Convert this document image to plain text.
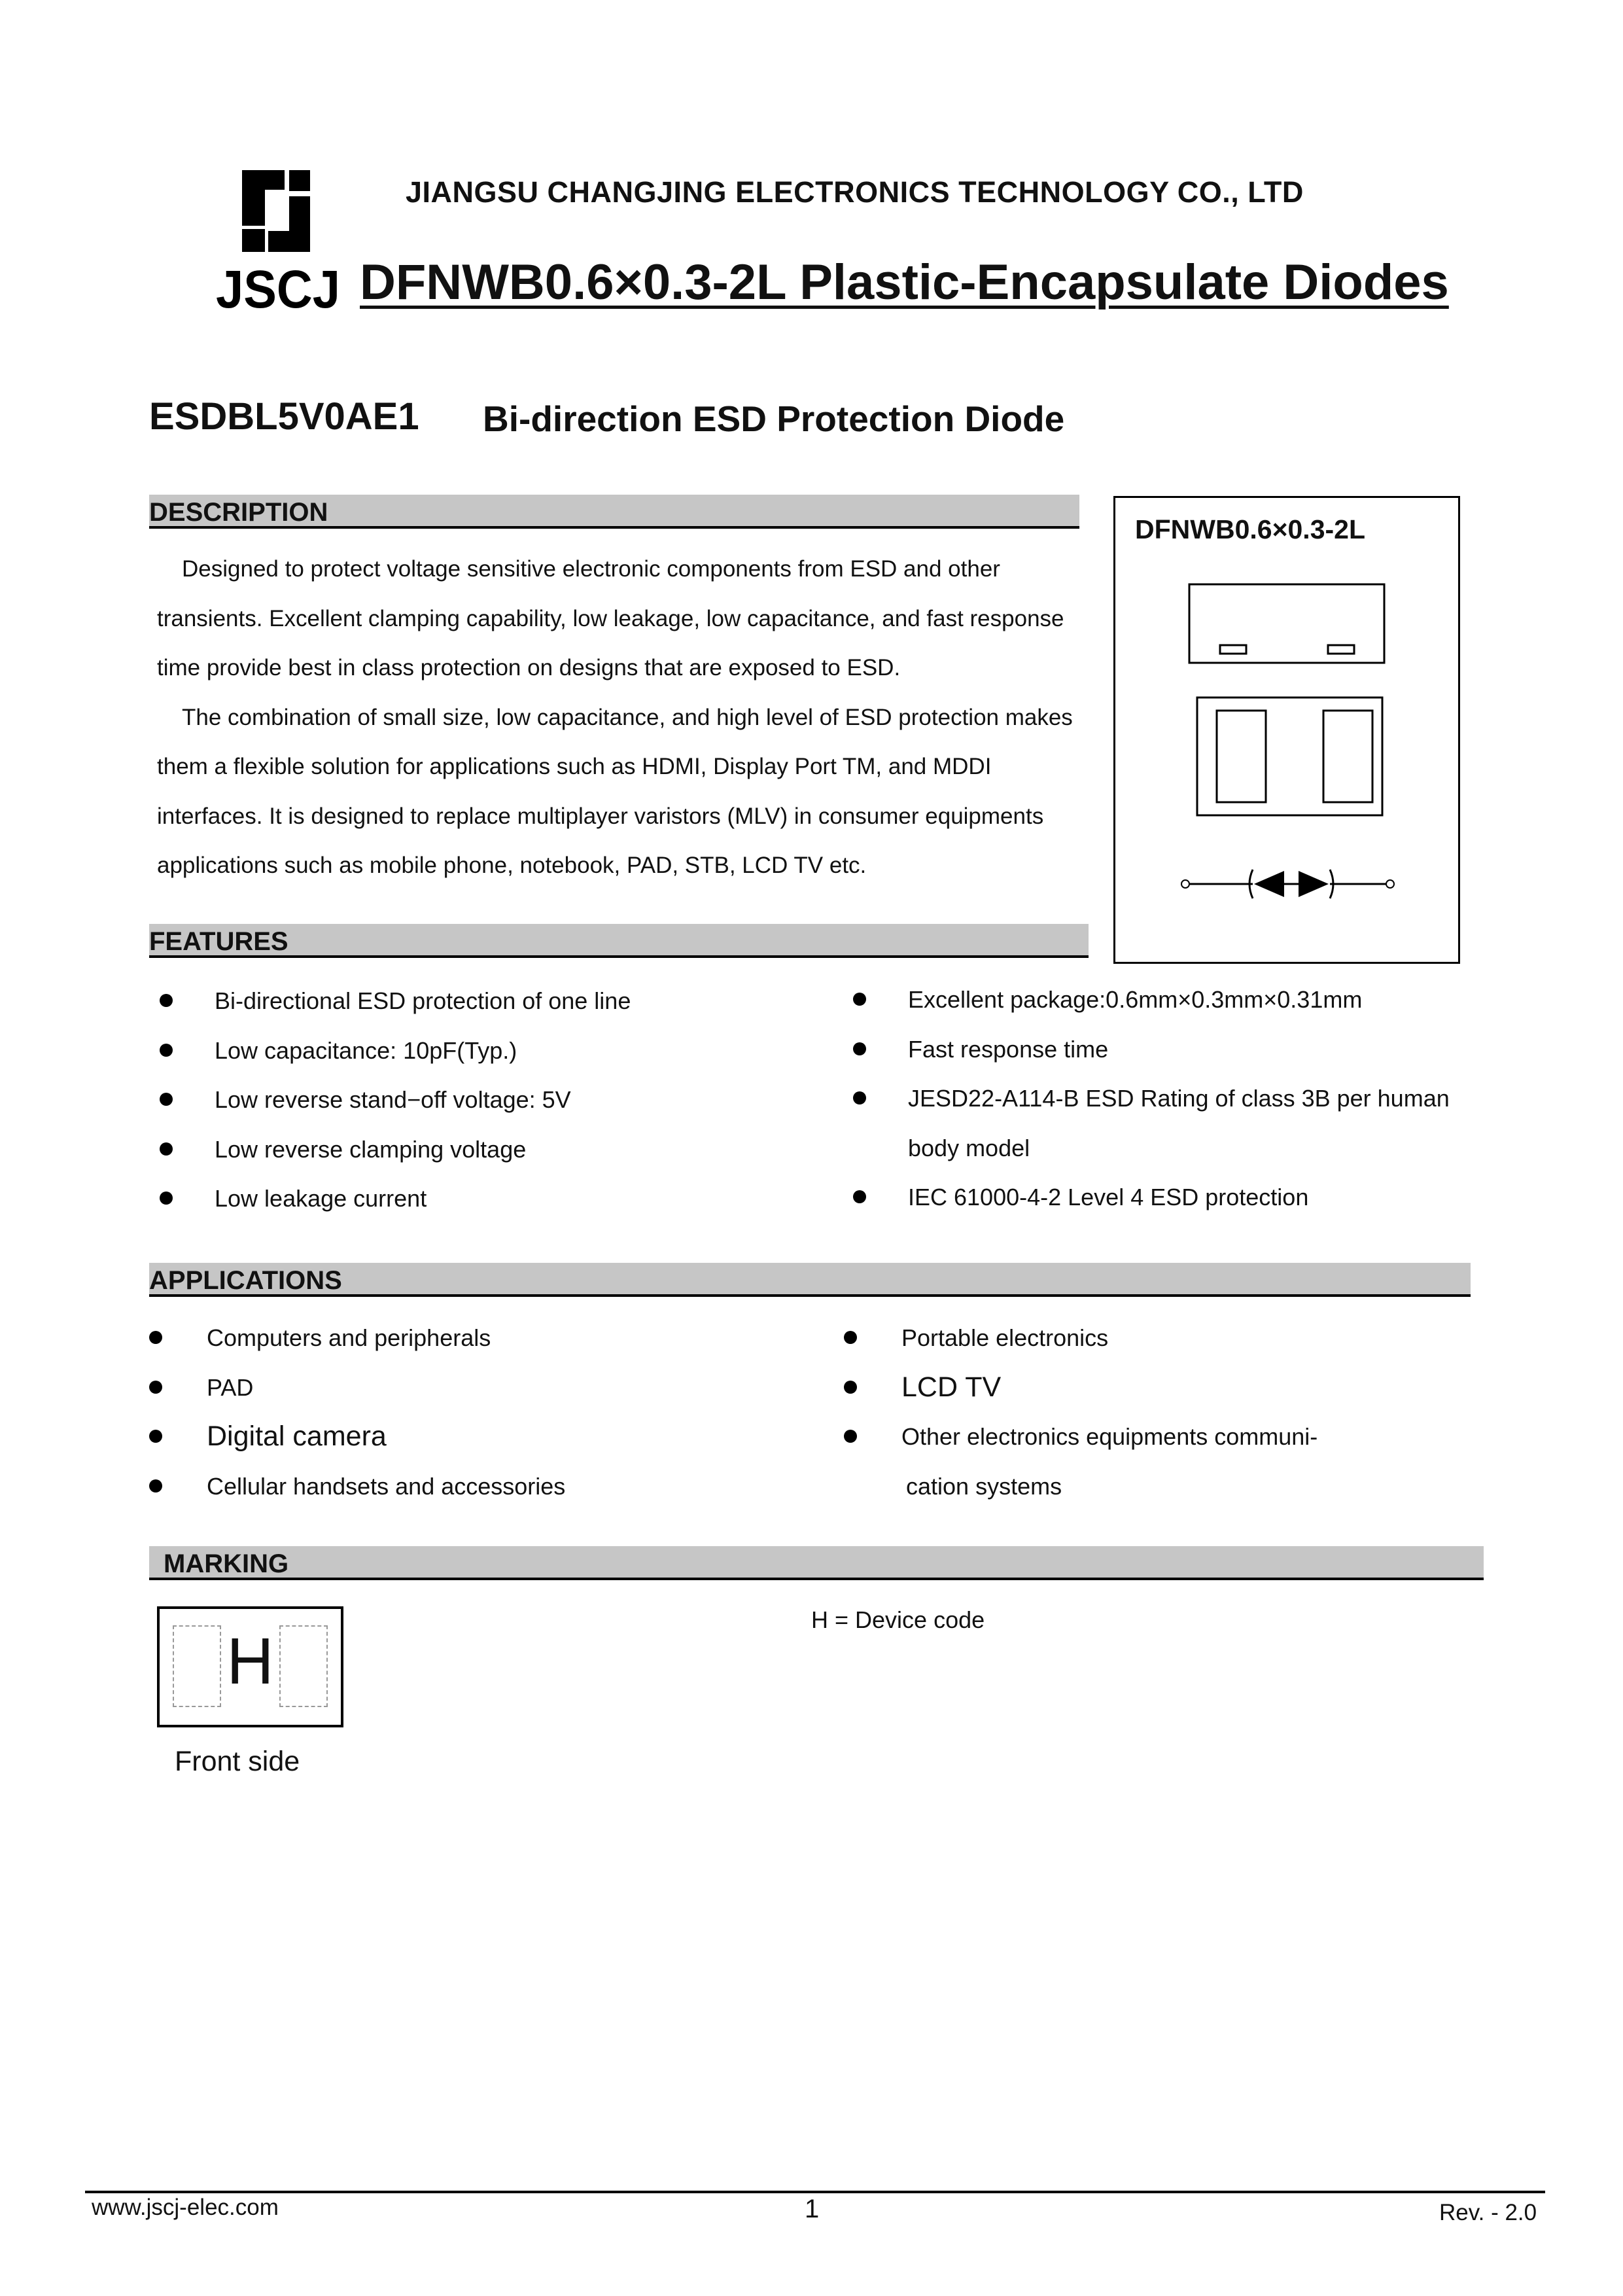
JSCJ
JIANGSU CHANGJING ELECTRONICS TECHNOLOGY CO., LTD
DFNWB0.6×0.3-2L Plastic-Encapsulate Diodes
ESDBL5V0AE1 Bi-direction ESD Protection Diode
DESCRIPTION

Designed to protect voltage sensitive electronic components from ESD and other transients. Excellent clamping capability, low leakage, low capacitance, and fast response time provide best in class protection on designs that are exposed to ESD.

The combination of small size, low capacitance, and high level of ESD protection makes them a flexible solution for applications such as HDMI, Display Port TM, and MDDI interfaces. It is designed to replace multiplayer varistors (MLV) in consumer equipments applications such as mobile phone, notebook, PAD, STB, LCD TV etc.

DFNWB0.6×0.3-2L
FEATURES
Bi-directional ESD protection of one line
Low capacitance: 10pF(Typ.)
Low reverse stand−off voltage: 5V
Low reverse clamping voltage
Low leakage current
Excellent package:0.6mm×0.3mm×0.31mm
Fast response time
JESD22-A114-B ESD Rating of class 3B per human
body model
IEC 61000-4-2 Level 4 ESD protection
APPLICATIONS
Computers and peripherals
PAD
Digital camera
Cellular handsets and accessories
Portable electronics
LCD TV
Other electronics equipments communi-
cation systems
MARKING
H
Front side
H = Device code
www.jscj-elec.com	1	Rev. - 2.0
